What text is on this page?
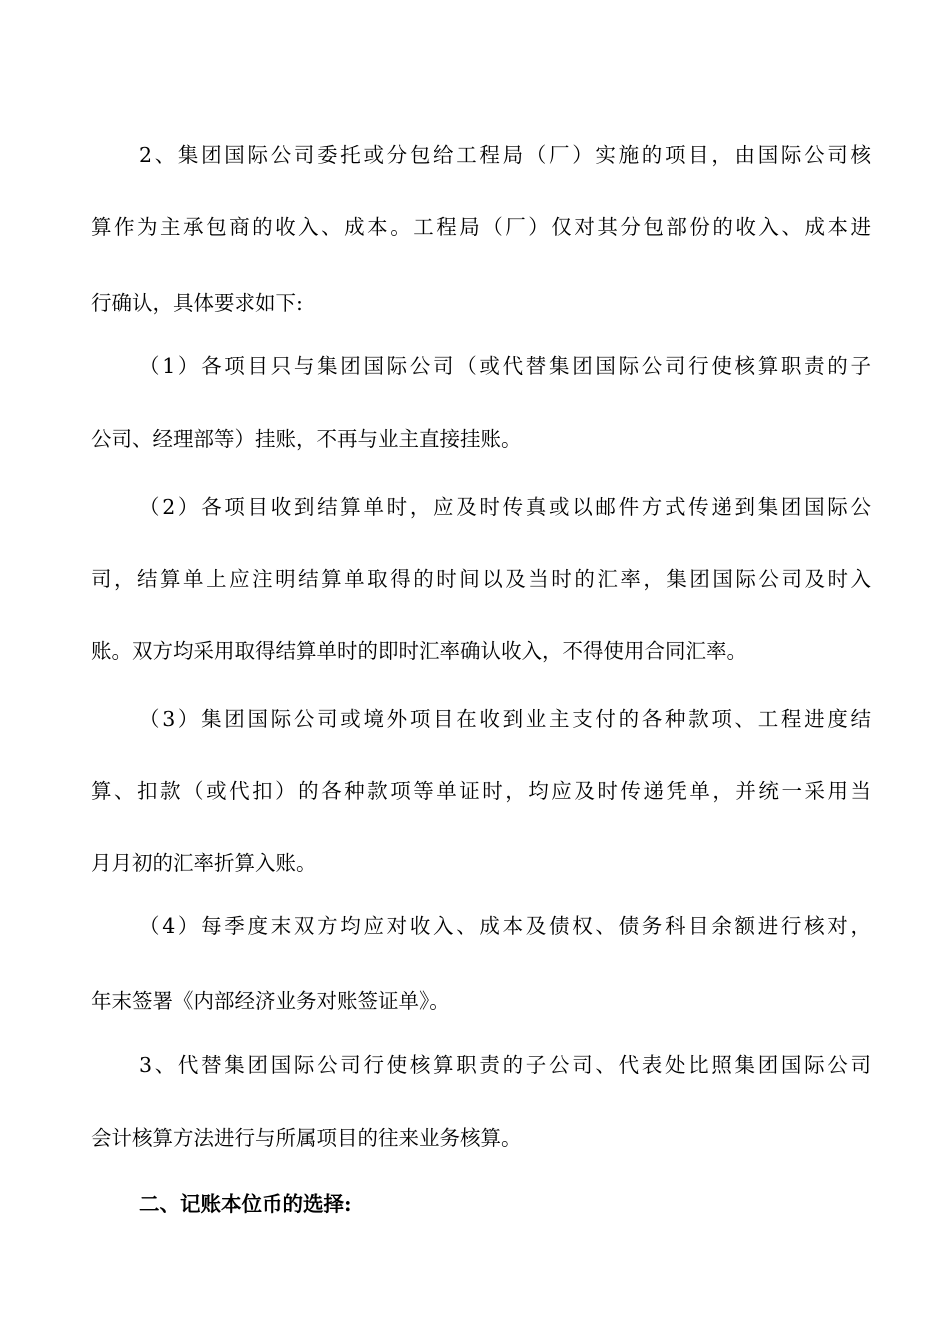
2、集团国际公司委托或分包给工程局（厂）实施的项目，由国际公司核
算作为主承包商的收入、成本。工程局（厂）仅对其分包部份的收入、成本进
行确认，具体要求如下:
（1）各项目只与集团国际公司（或代替集团国际公司行使核算职责的子
公司、经理部等）挂账，不再与业主直接挂账。
（2）各项目收到结算单时，应及时传真或以邮件方式传递到集团国际公
司，结算单上应注明结算单取得的时间以及当时的汇率，集团国际公司及时入
账。双方均采用取得结算单时的即时汇率确认收入，不得使用合同汇率。
（3）集团国际公司或境外项目在收到业主支付的各种款项、工程进度结
算、扣款（或代扣）的各种款项等单证时，均应及时传递凭单，并统一采用当
月月初的汇率折算入账。
（4）每季度末双方均应对收入、成本及债权、债务科目余额进行核对，
年末签署《内部经济业务对账签证单》。
3、代替集团国际公司行使核算职责的子公司、代表处比照集团国际公司
会计核算方法进行与所属项目的往来业务核算。
二、记账本位币的选择:
